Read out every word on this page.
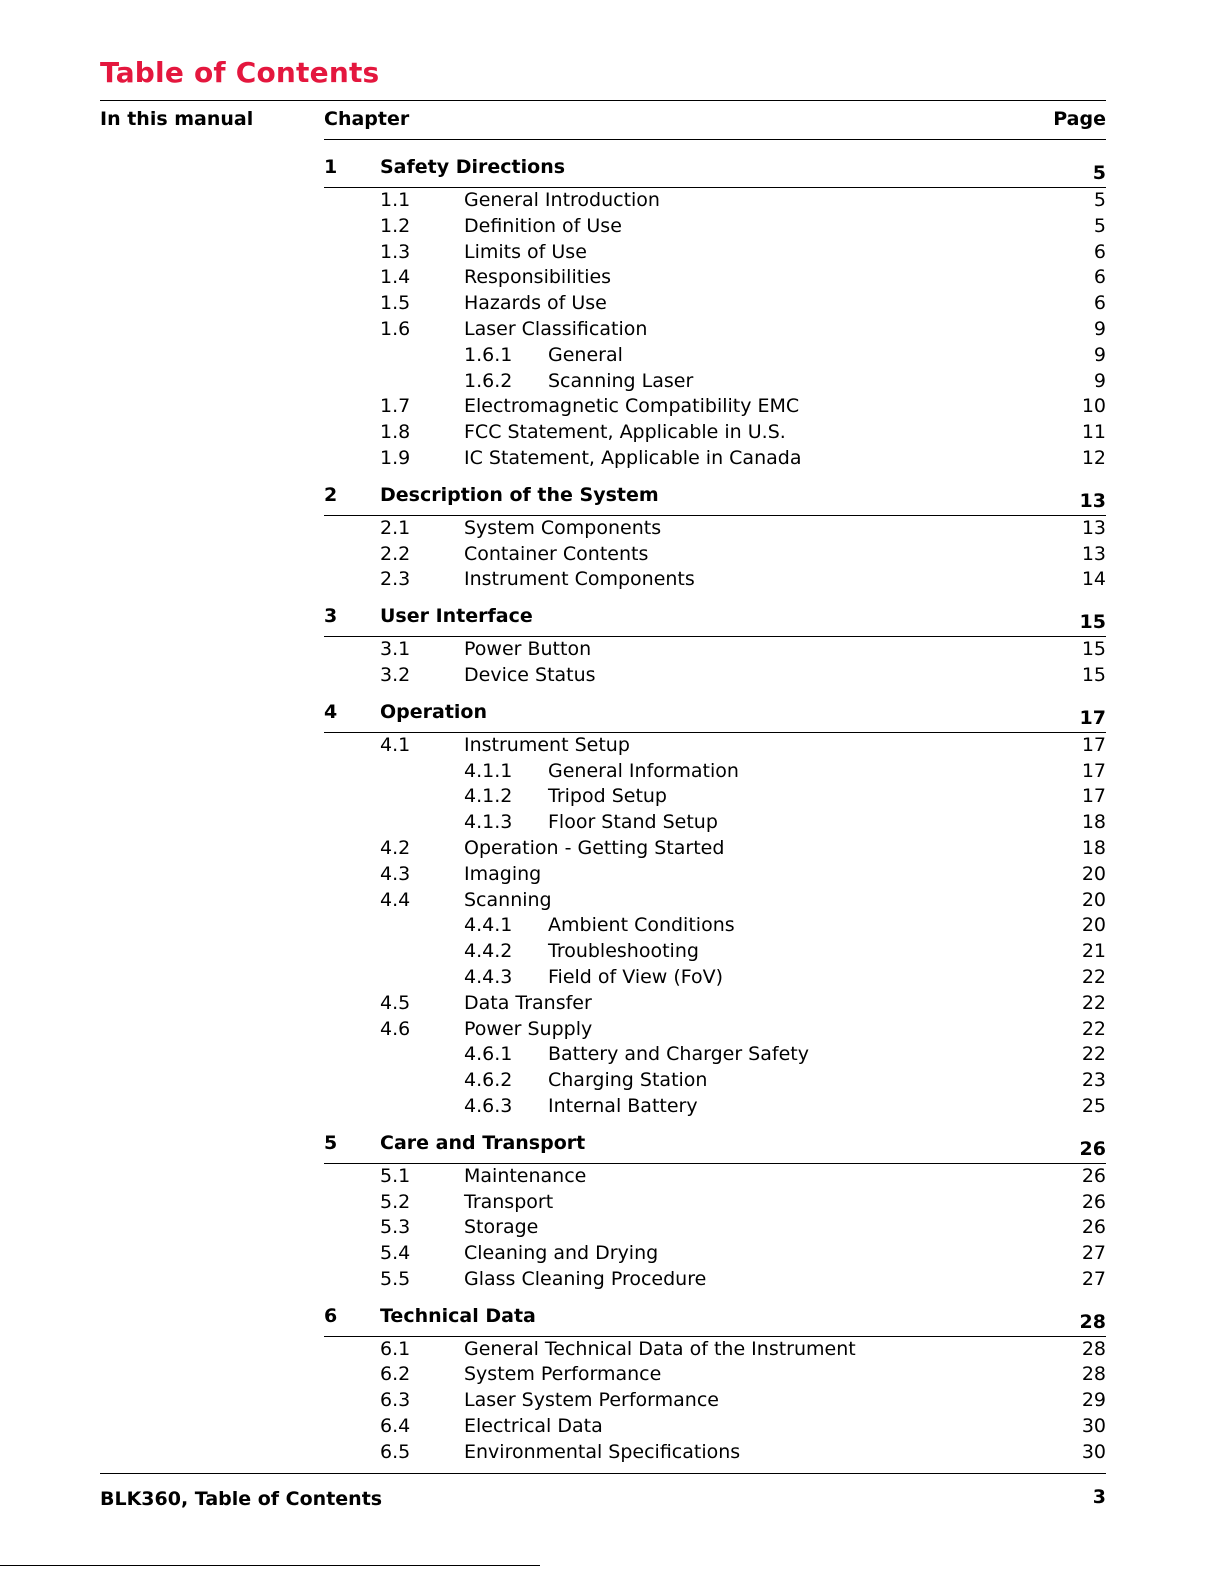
Table of Contents
In this manual	Chapter	Page
1 Safety Directions	5
1.1	General Introduction	5
1.2	Definition of Use	5
1.3	Limits of Use	6
1.4	Responsibilities	6
1.5	Hazards of Use	6
1.6	Laser Classification	9
1.6.1 General	9
1.6.2 Scanning Laser	9
1.7	Electromagnetic Compatibility EMC	10
1.8	FCC Statement, Applicable in U.S.	11
1.9	IC Statement, Applicable in Canada	12
2 Description of the System	13
2.1	System Components	13
2.2	Container Contents	13
2.3	Instrument Components	14
3 User Interface	15
3.1	Power Button	15
3.2	Device Status	15
4 Operation	17
4.1	Instrument Setup	17
4.1.1 General Information	17
4.1.2 Tripod Setup	17
4.1.3 Floor Stand Setup	18
4.2	Operation - Getting Started	18
4.3	Imaging	20
4.4	Scanning	20
4.4.1 Ambient Conditions	20
4.4.2 Troubleshooting	21
4.4.3 Field of View (FoV)	22
4.5	Data Transfer	22
4.6	Power Supply	22
4.6.1 Battery and Charger Safety	22
4.6.2 Charging Station	23
4.6.3 Internal Battery	25
5 Care and Transport	26
5.1	Maintenance	26
5.2	Transport	26
5.3	Storage	26
5.4	Cleaning and Drying	27
5.5	Glass Cleaning Procedure	27
6 Technical Data	28
6.1	General Technical Data of the Instrument	28
6.2	System Performance	28
6.3	Laser System Performance	29
6.4	Electrical Data	30
6.5	Environmental Specifications	30
BLK360, Table of Contents	3
